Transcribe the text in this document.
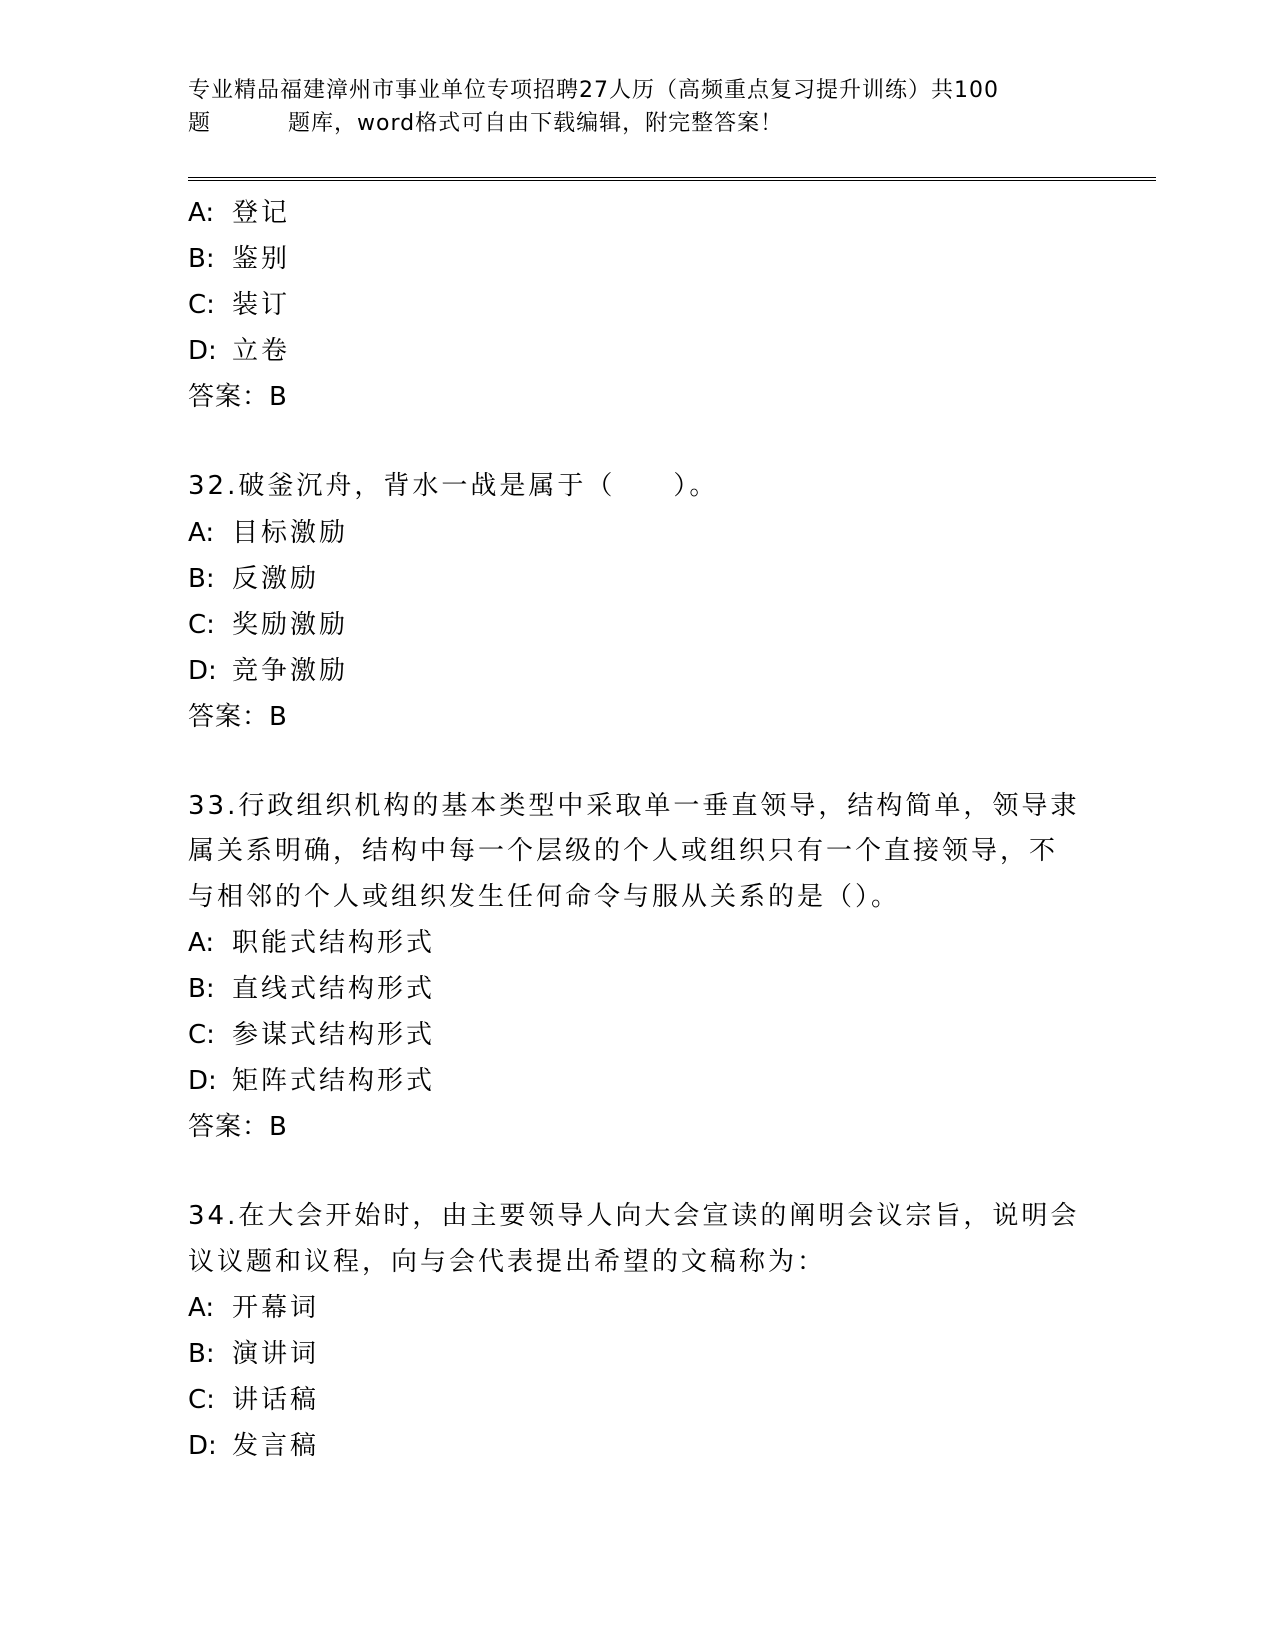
专业精品福建漳州市事业单位专项招聘27人历（高频重点复习提升训练）共100
题	题库，word格式可自由下载编辑，附完整答案！
A: 登记
B: 鉴别
C: 装订
D: 立卷
答案：B
32.破釜沉舟，背水一战是属于（　　）。
A: 目标激励
B: 反激励
C: 奖励激励
D: 竞争激励
答案：B
33.行政组织机构的基本类型中采取单一垂直领导，结构简单，领导隶
属关系明确，结构中每一个层级的个人或组织只有一个直接领导，不
与相邻的个人或组织发生任何命令与服从关系的是（）。
A: 职能式结构形式
B: 直线式结构形式
C: 参谋式结构形式
D: 矩阵式结构形式
答案：B
34.在大会开始时，由主要领导人向大会宣读的阐明会议宗旨，说明会
议议题和议程，向与会代表提出希望的文稿称为：
A: 开幕词
B: 演讲词
C: 讲话稿
D: 发言稿
